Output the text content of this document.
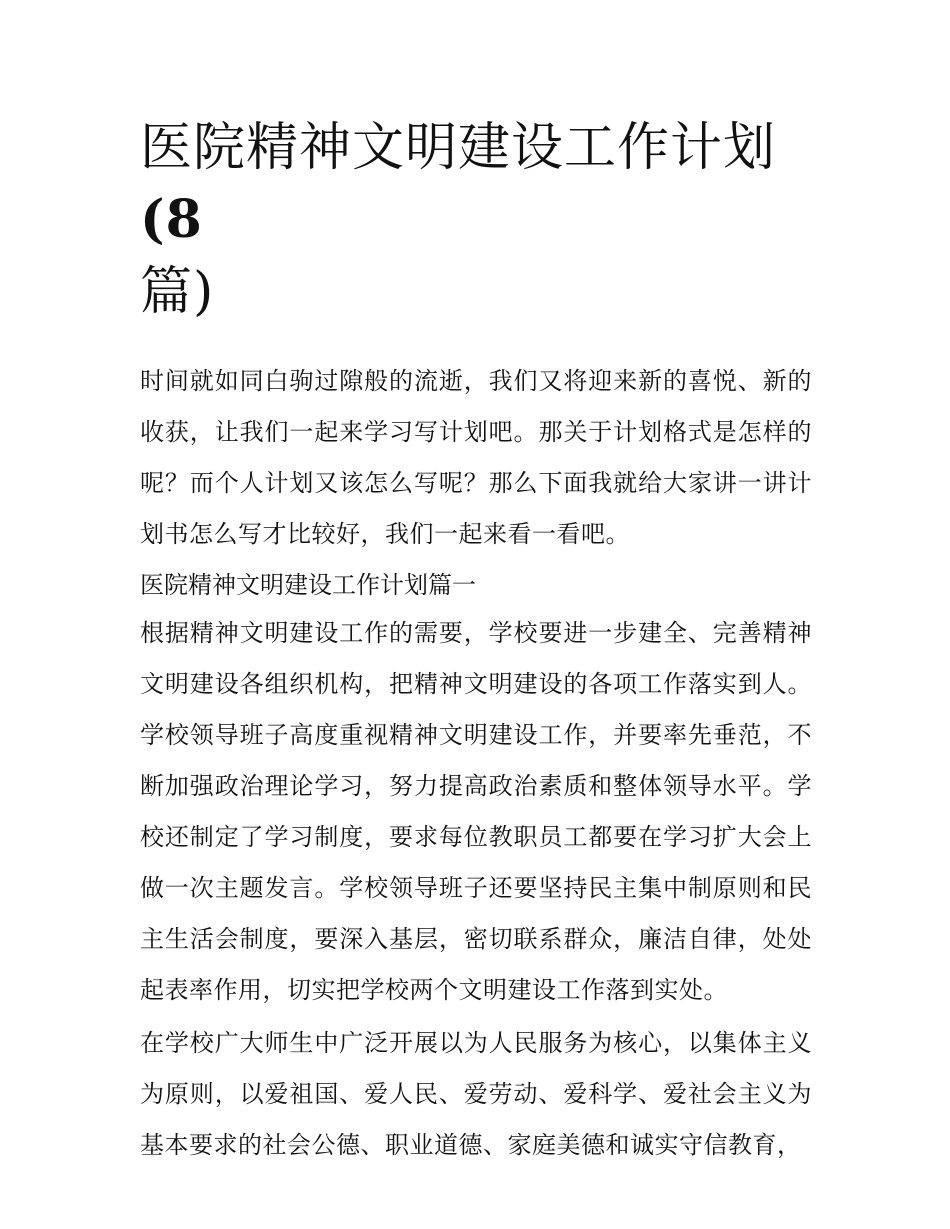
医院精神文明建设工作计划(8
篇)

时间就如同白驹过隙般的流逝，我们又将迎来新的喜悦、新的收获，让我们一起来学习写计划吧。那关于计划格式是怎样的呢？而个人计划又该怎么写呢？那么下面我就给大家讲一讲计划书怎么写才比较好，我们一起来看一看吧。

医院精神文明建设工作计划篇一

根据精神文明建设工作的需要，学校要进一步建全、完善精神文明建设各组织机构，把精神文明建设的各项工作落实到人。学校领导班子高度重视精神文明建设工作，并要率先垂范，不断加强政治理论学习，努力提高政治素质和整体领导水平。学校还制定了学习制度，要求每位教职员工都要在学习扩大会上做一次主题发言。学校领导班子还要坚持民主集中制原则和民主生活会制度，要深入基层，密切联系群众，廉洁自律，处处起表率作用，切实把学校两个文明建设工作落到实处。

在学校广大师生中广泛开展以为人民服务为核心，以集体主义为原则，以爱祖国、爱人民、爱劳动、爱科学、爱社会主义为基本要求的社会公德、职业道德、家庭美德和诚实守信教育，
